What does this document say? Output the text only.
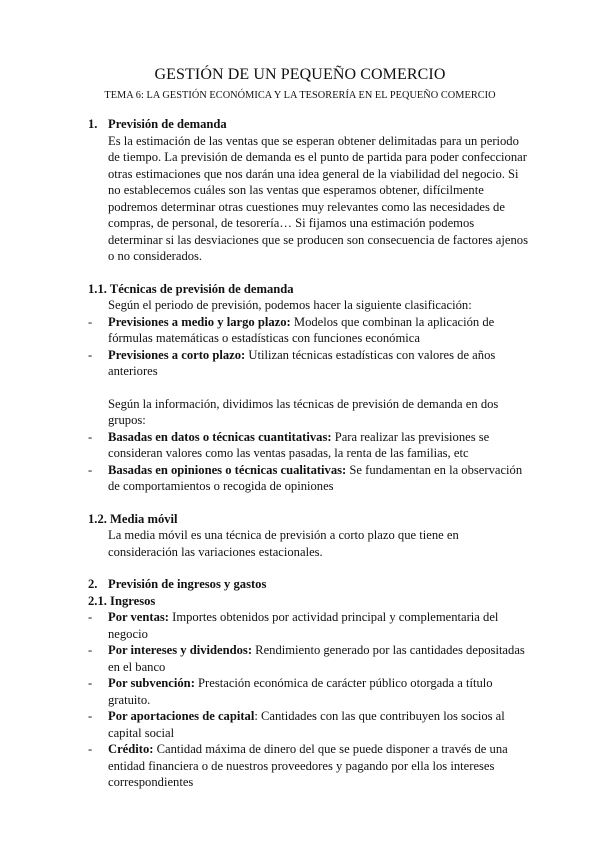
GESTIÓN DE UN PEQUEÑO COMERCIO
TEMA 6: LA GESTIÓN ECONÓMICA Y LA TESORERÍA EN EL PEQUEÑO COMERCIO

1. Previsión de demanda

Es la estimación de las ventas que se esperan obtener delimitadas para un periodo de tiempo. La previsión de demanda es el punto de partida para poder confeccionar otras estimaciones que nos darán una idea general de la viabilidad del negocio. Si no establecemos cuáles son las ventas que esperamos obtener, difícilmente podremos determinar otras cuestiones muy relevantes como las necesidades de compras, de personal, de tesorería… Si fijamos una estimación podemos determinar si las desviaciones que se producen son consecuencia de factores ajenos o no considerados.

1.1. Técnicas de previsión de demanda

Según el periodo de previsión, podemos hacer la siguiente clasificación:

- Previsiones a medio y largo plazo: Modelos que combinan la aplicación de fórmulas matemáticas o estadísticas con funciones económica
- Previsiones a corto plazo: Utilizan técnicas estadísticas con valores de años anteriores

Según la información, dividimos las técnicas de previsión de demanda en dos grupos:

- Basadas en datos o técnicas cuantitativas: Para realizar las previsiones se consideran valores como las ventas pasadas, la renta de las familias, etc
- Basadas en opiniones o técnicas cualitativas: Se fundamentan en la observación de comportamientos o recogida de opiniones

1.2. Media móvil

La media móvil es una técnica de previsión a corto plazo que tiene en consideración las variaciones estacionales.

2. Previsión de ingresos y gastos

2.1. Ingresos

- Por ventas: Importes obtenidos por actividad principal y complementaria del negocio
- Por intereses y dividendos: Rendimiento generado por las cantidades depositadas en el banco
- Por subvención: Prestación económica de carácter público otorgada a título gratuito.
- Por aportaciones de capital: Cantidades con las que contribuyen los socios al capital social
- Crédito: Cantidad máxima de dinero del que se puede disponer a través de una entidad financiera o de nuestros proveedores y pagando por ella los intereses correspondientes
